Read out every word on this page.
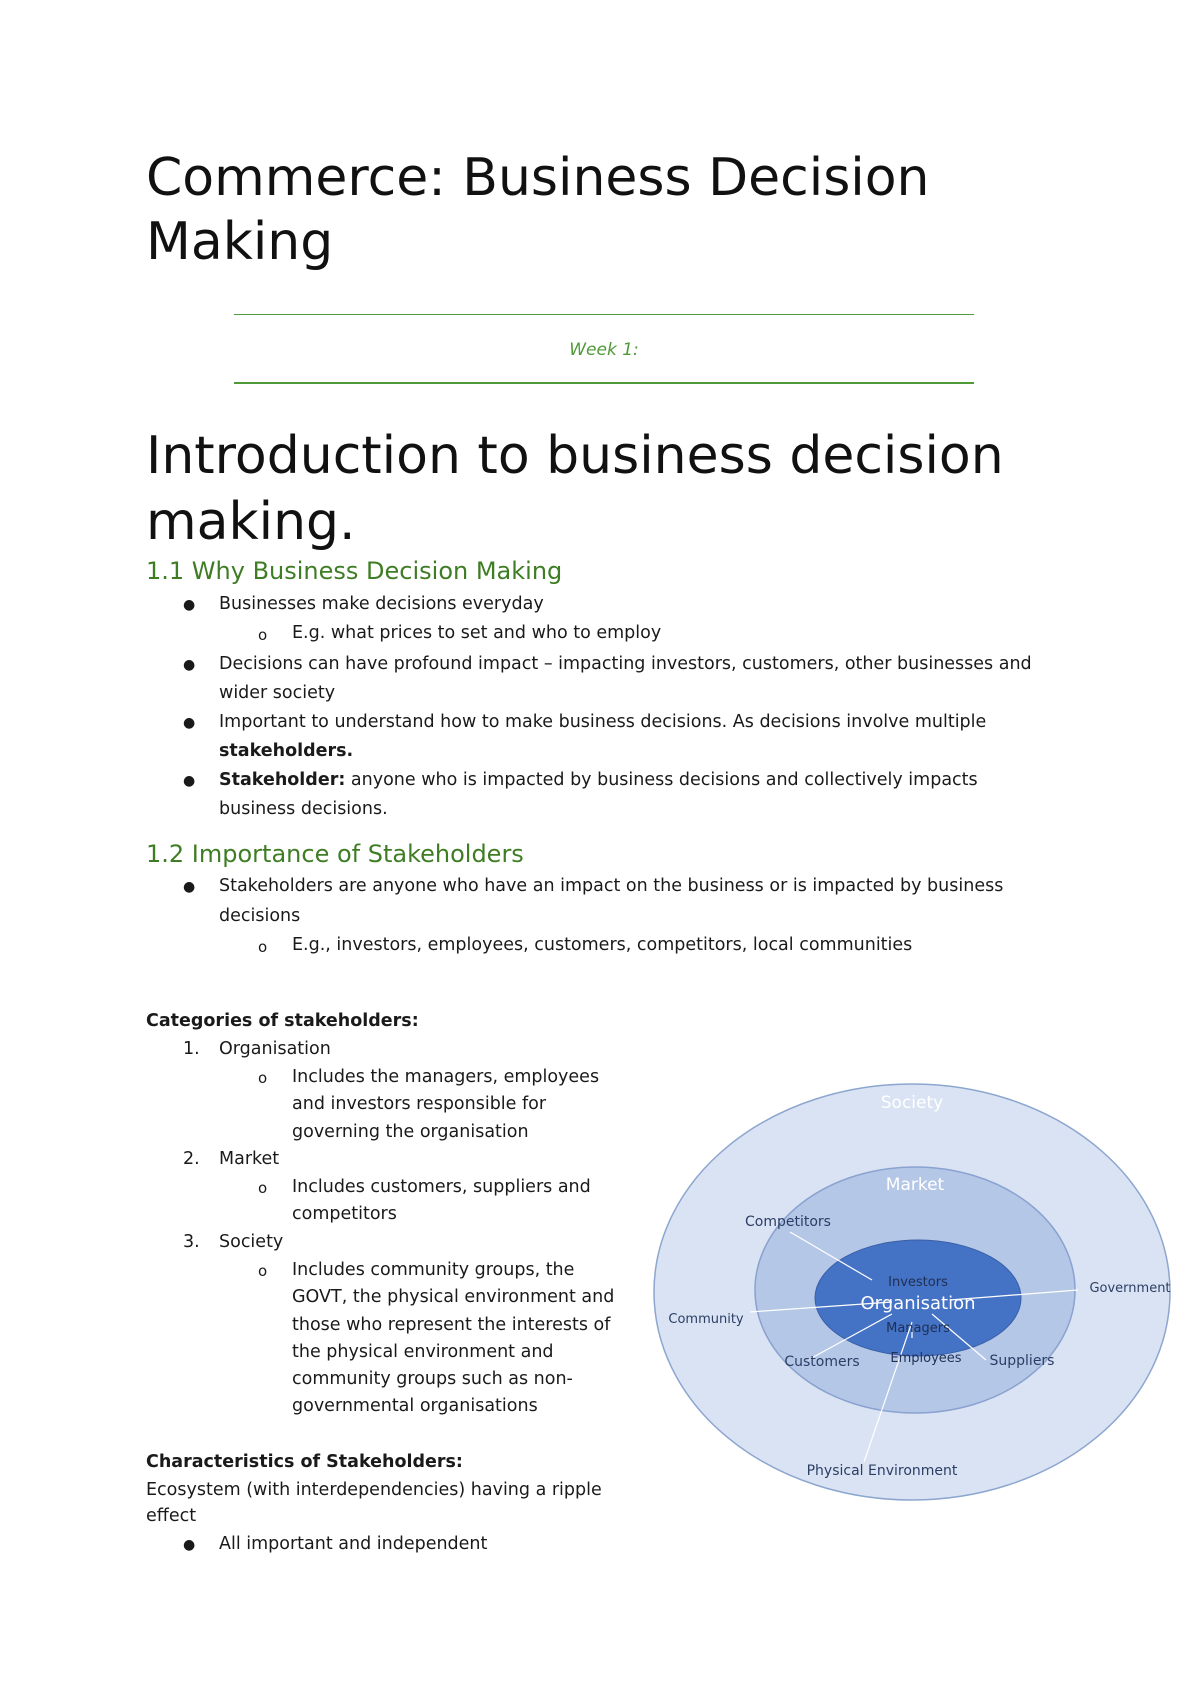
Commerce: Business Decision
Making
Week 1:
Introduction to business decision
making.
1.1 Why Business Decision Making
● Businesses make decisions everyday
o E.g. what prices to set and who to employ
● Decisions can have profound impact – impacting investors, customers, other businesses and
wider society
● Important to understand how to make business decisions. As decisions involve multiple
stakeholders.
● Stakeholder: anyone who is impacted by business decisions and collectively impacts
business decisions.
1.2 Importance of Stakeholders
● Stakeholders are anyone who have an impact on the business or is impacted by business
decisions
o E.g., investors, employees, customers, competitors, local communities
Categories of stakeholders:
1. Organisation
o Includes the managers, employees
and investors responsible for
governing the organisation
2. Market
o Includes customers, suppliers and
competitors
3. Society
o Includes community groups, the
GOVT, the physical environment and
those who represent the interests of
the physical environment and
community groups such as non-
governmental organisations
Characteristics of Stakeholders:
Ecosystem (with interdependencies) having a ripple
effect
● All important and independent
Society
Market
Investors
Organisation
Managers
Employees
Competitors
Customers	Suppliers
Community
Government
Physical Environment
